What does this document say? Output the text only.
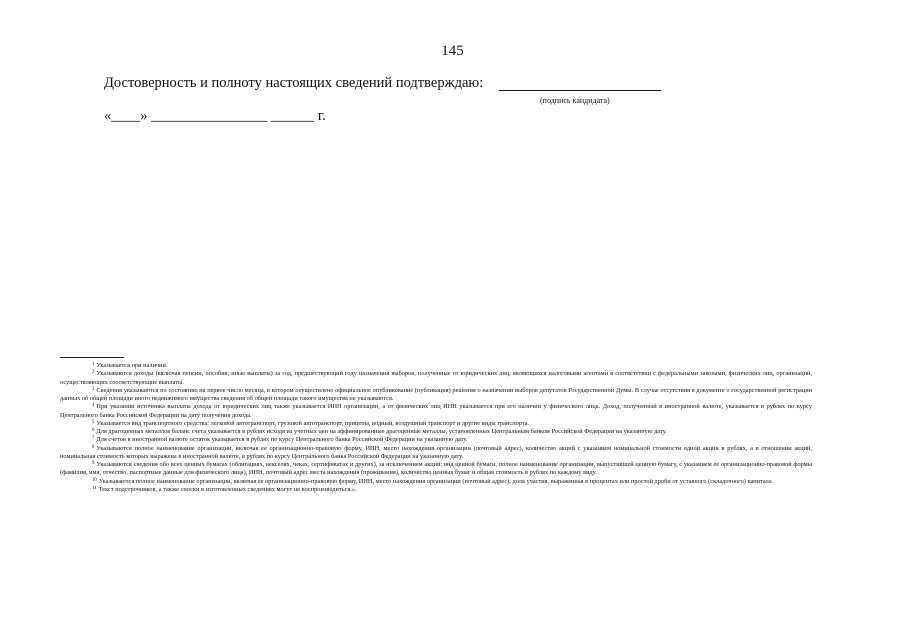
145
Достоверность и полноту настоящих сведений подтверждаю:
(подпись кандидата)
«____» ________________ ______ г.

$^1$ Указывается при наличии.

$^2$ Указываются доходы (включая пенсии, пособия, иные выплаты) за год, предшествующий году назначения выборов, полученные от юридических лиц, являющихся налоговыми агентами в соответствии с федеральными законами, физических лиц, организаций, осуществляющих соответствующие выплаты.

$^3$ Сведения указываются по состоянию на первое число месяца, в котором осуществлено официальное опубликование (публикация) решения о назначении выборов депутатов Государственной Думы. В случае отсутствия в документе о государственной регистрации данных об общей площади иного недвижимого имущества сведения об общей площади такого имущества не указываются.

$^4$ При указании источника выплаты дохода от юридических лиц также указывается ИНН организации, а от физических лиц ИНН указывается при его наличии у физического лица. Доход, полученный в иностранной валюте, указывается в рублях по курсу Центрального банка Российской Федерации на дату получения дохода.

$^5$ Указывается вид транспортного средства: легковой автотранспорт, грузовой автотранспорт, прицепы, водный, воздушный транспорт и другие виды транспорта.

$^6$ Для драгоценных металлов баланс счета указывается в рублях исходя из учетных цен на аффинированные драгоценные металлы, установленных Центральным банком Российской Федерации на указанную дату.

$^7$ Для счетов в иностранной валюте остаток указывается в рублях по курсу Центрального банка Российской Федерации на указанную дату.

$^8$ Указываются полное наименование организации, включая ее организационно-правовую форму, ИНН, место нахождения организации (почтовый адрес), количество акций с указанием номинальной стоимости одной акции в рублях, а в отношении акций, номинальная стоимость которых выражена в иностранной валюте, в рублях по курсу Центрального банка Российской Федерации на указанную дату.

$^9$ Указываются сведения обо всех ценных бумагах (облигациях, векселях, чеках, сертификатах и других), за исключением акций: вид ценной бумаги, полное наименование организации, выпустившей ценную бумагу, с указанием ее организационно-правовой формы (фамилия, имя, отчество, паспортные данные для физического лица), ИНН, почтовый адрес места нахождения (проживания), количество ценных бумаг и общая стоимость в рублях по каждому виду.

$^{10}$ Указываются полное наименование организации, включая ее организационно-правовую форму, ИНН, место нахождения организации (почтовый адрес), доля участия, выраженная в процентах или простой дроби от уставного (складочного) капитала.

$^{11}$ Текст подстрочников, а также сноски в изготовленных сведениях могут не воспроизводиться.».
